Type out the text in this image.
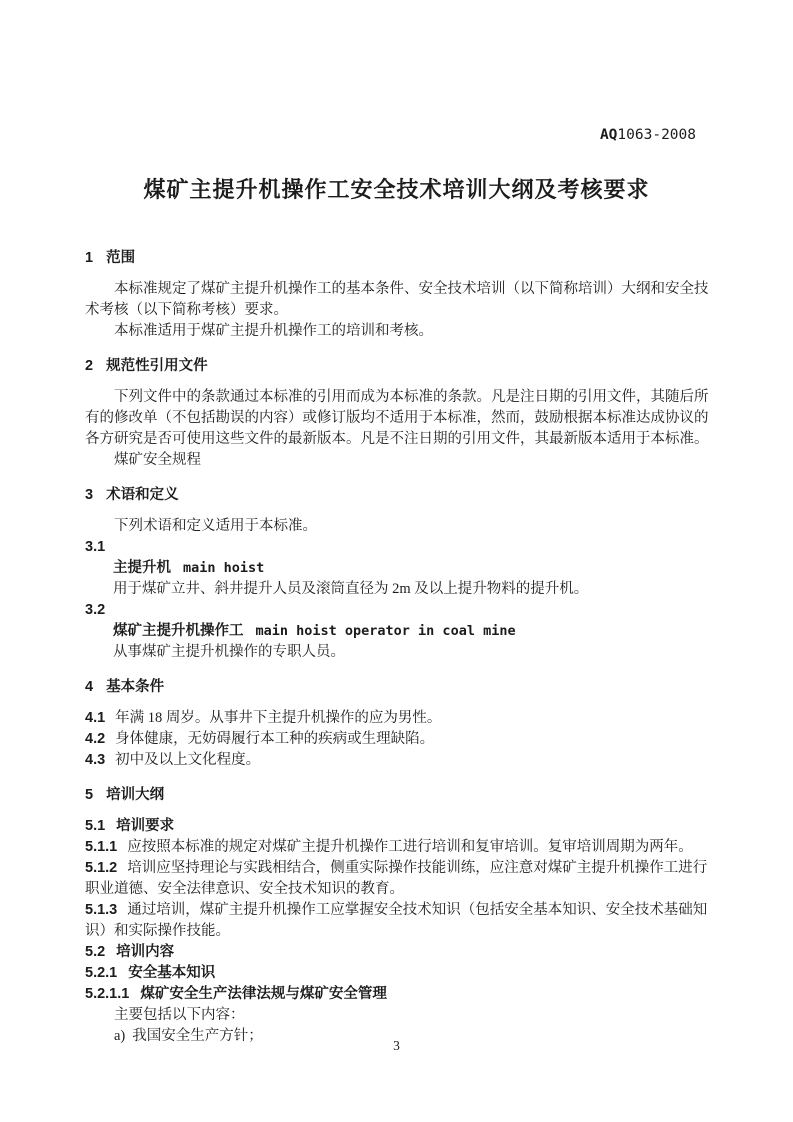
AQ1063-2008
煤矿主提升机操作工安全技术培训大纲及考核要求
1 范围

本标准规定了煤矿主提升机操作工的基本条件、安全技术培训（以下简称培训）大纲和安全技术考核（以下简称考核）要求。

本标准适用于煤矿主提升机操作工的培训和考核。

2 规范性引用文件

下列文件中的条款通过本标准的引用而成为本标准的条款。凡是注日期的引用文件，其随后所有的修改单（不包括勘误的内容）或修订版均不适用于本标准，然而，鼓励根据本标准达成协议的各方研究是否可使用这些文件的最新版本。凡是不注日期的引用文件，其最新版本适用于本标准。

煤矿安全规程

3 术语和定义

下列术语和定义适用于本标准。

3.1

主提升机 main hoist

用于煤矿立井、斜井提升人员及滚筒直径为 2m 及以上提升物料的提升机。

3.2

煤矿主提升机操作工 main hoist operator in coal mine

从事煤矿主提升机操作的专职人员。

4 基本条件

4.1 年满 18 周岁。从事井下主提升机操作的应为男性。

4.2 身体健康，无妨碍履行本工种的疾病或生理缺陷。

4.3 初中及以上文化程度。

5 培训大纲

5.1 培训要求

5.1.1 应按照本标准的规定对煤矿主提升机操作工进行培训和复审培训。复审培训周期为两年。

5.1.2 培训应坚持理论与实践相结合，侧重实际操作技能训练，应注意对煤矿主提升机操作工进行职业道德、安全法律意识、安全技术知识的教育。

5.1.3 通过培训，煤矿主提升机操作工应掌握安全技术知识（包括安全基本知识、安全技术基础知识）和实际操作技能。

5.2 培训内容

5.2.1 安全基本知识

5.2.1.1 煤矿安全生产法律法规与煤矿安全管理

主要包括以下内容：

a) 我国安全生产方针；

3
